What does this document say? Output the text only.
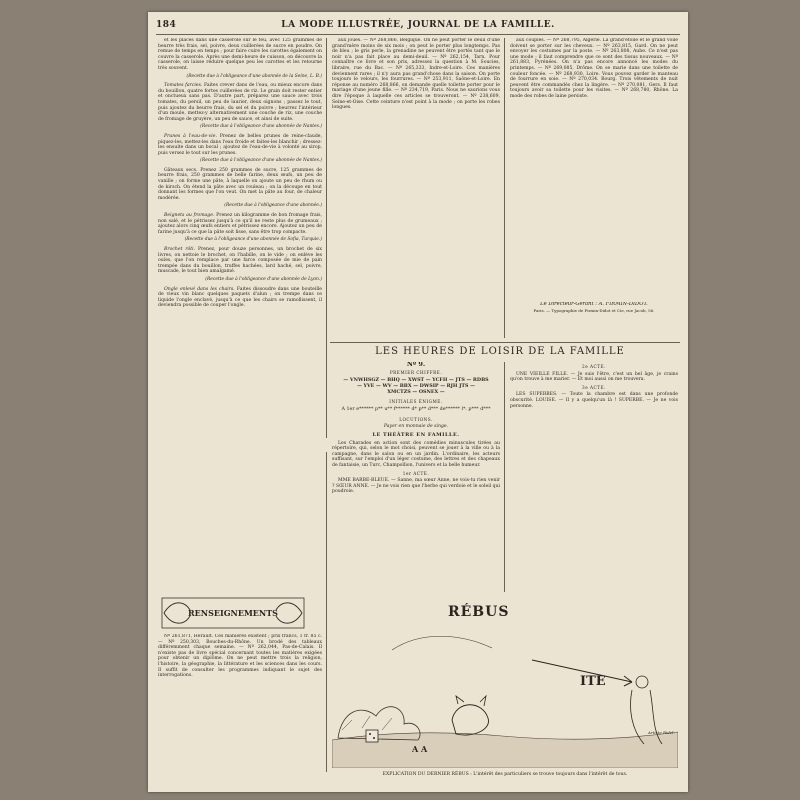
184	LA MODE ILLUSTRÉE, JOURNAL DE LA FAMILLE.

et les places dans une casserole sur le feu, avec 125 grammes de beurre très frais, sel, poivre, deux cuillerées de sucre en poudre. On remue de temps en temps ; pour faire cuire les carottes également on couvre la casserole. Après une demi-heure de cuisson, on découvre la casserole, on laisse réduire quelque peu les carottes et les retourne très souvent.

(Recette due à l'obligeance d'une abonnée de la Seine, L. B.)

Tomates farcies. Faites crever dans de l'eau, ou mieux encore dans du bouillon, quatre fortes cuillerées de riz. Le grain doit rester entier et onctueux sans pas. D'autre part, préparez une sauce avec trois tomates, du persil, un peu de laurier, deux oignons ; passez le tout, puis ajoutez du beurre frais, du sel et du poivre ; beurrez l'intérieur d'un moule, mettez-y alternativement une couche de riz, une couche de fromage de gruyère, un peu de sauce, et ainsi de suite.

(Recette due à l'obligeance d'une abonnée de Nantes.)

Prunes à l'eau-de-vie. Prenez de belles prunes de reine-claude, piquez-les, mettez-les dans l'eau froide et faites-les blanchir ; dressez-les ensuite dans un bocal ; ajoutez de l'eau-de-vie à volonté au sirop, puis versez le tout sur les prunes.

(Recette due à l'obligeance d'une abonnée de Nantes.)

Gâteaux secs. Prenez 250 grammes de sucre, 125 grammes de beurre frais, 250 grammes de belle farine, deux œufs, un peu de vanille ; on forme une pâte, à laquelle on ajoute un peu de rhum ou de kirsch. On étend la pâte avec un rouleau ; on la découpe en tout donnant les formes que l'on veut. On met la pâte au four, de chaleur modérée.

(Recette due à l'obligeance d'une abonnée.)

Beignets au fromage. Prenez un kilogramme de bon fromage frais, non salé, et le pétrissez jusqu'à ce qu'il ne reste plus de grumeaux ; ajoutez alors cinq œufs entiers et pétrissez encore. Ajoutez un peu de farine jusqu'à ce que la pâte soit lisse, sans être trop compacte.

(Recette due à l'obligeance d'une abonnée de Sofia, Turquie.)

Brochet rôti. Prenez, pour douze personnes, un brochet de six livres, on nettoie le brochet, on l'habille, on le vide ; on enlève les ouïes, que l'on remplace par une farce composée de mie de pain trempée dans du bouillon, truffes hachées, lard haché, sel, poivre, muscade, le tout bien amalgamé.

(Recette due à l'obligeance d'une abonnée de Lyon.)

Ongle enlevé dans les chairs. Faites dissoudre dans une bouteille de vieux vin blanc quelques paquets d'alun ; on trempe dans ce liquide l'ongle enclavé, jusqu'à ce que les chairs se ramollissent, il deviendra possible de couper l'ongle.

RENSEIGNEMENTS

Nº 261,871, Hérault. Ces manières existent ; prix francs, 1 fr. 85 c. — Nº 250,303, Bouches-du-Rhône. Un brodé des tableaux différemment chaque semaine. — Nº 262,044, Pas-de-Calais. Il n'existe pas de livre spécial concernant toutes les matières exigées pour obtenir un diplôme. On ne peut mettre trois la religion, l'histoire, la géographie, la littérature et les sciences dans les cours. Il suffit de consulter les programmes indiquant le sujet des interrogations.

aux joues. — Nº 268,866, Belgique. On ne peut porter le deuil d'une grand'mère moins de six mois ; on peut le porter plus longtemps. Pas de bleu ; le gris perle, la grenadine ne peuvent être portés tant que le noir n'a pas fait place au demi-deuil. — Nº 262,154, Tarn. Pour connaître ce livre et son prix, adressez la question à M. Soucies, libraire, rue du Bac. — Nº 265,333, Indre-et-Loire. Ces manières deviennent rares ; il n'y aura pas grand'chose dans la saison. On porte toujours le velours, les fourrures. — Nº 253,911, Saône-et-Loire. En réponse au numéro 268,866, on demande quelle toilette porter pour le mariage d'une jeune fille. — Nº 234,719, Paris. Nous ne saurions vous dire l'époque à laquelle ces articles se trouveront. — Nº 238,609, Seine-et-Oise. Cette ceinture n'est point à la mode ; on porte les robes longues.

aux couples. — Nº 268,795, Algérie. La grand'étoile et le grand voile doivent se porter sur les cheveux. — Nº 263,815, Gard. On ne peut envoyer les costumes par la poste. — Nº 263,808, Aube. Ce n'est pas une mode ; il faut comprendre que ce sont des tissus nouveaux. — Nº 261,883, Pyrénées. On n'a pas encore annoncé les modes du printemps. — Nº 269,085, Drôme. On se marie dans une toilette de couleur foncée. — Nº 268,930, Loire. Vous pouvez garder le manteau de fourrure en soie. — Nº 270,034. Bourg. Trois vêtements de nuit peuvent être commandés chez la lingère. — Nº 270,081, Gers. Il faut toujours avoir sa toilette pour les visites. — Nº 268,780, Rhône. La mode des robes de laine persiste.

Le Directeur-Gérant : A. FIRMIN-DIDOT.
Paris. — Typographie de Firmin-Didot et Cie, rue Jacob, 56.
LES HEURES DE LOISIR DE LA FAMILLE
Nº 9.
PREMIER CHIFFRE.
— VNWHSGZ — BHQ — XWST — YCFH — JTS — RDBS
— YVE — WV — BBX — DWSIP — RJH JTS —
XMCTZS — OSNEX —
INITIALES ÉNIGME.
A 1er e****** p** u** f****** d* p** d*** de****** l*. p*** d***
LOCUTIONS.
Payer en monnaie de singe.
LE THÉÂTRE EN FAMILLE.

Les Charades en action sont des comédies minuscules tirées au répertoire, qui, selon le mot choisi, peuvent se jouer à la ville ou à la campagne, dans le salon ou en un jardin. L'ordinaire, les acteurs suffisant, sur l'emploi d'un léger costume, des lettres et des chapeaux de fantaisie, un Turc, Champollion, l'univers et la belle humeur.

1er ACTE.

MME BARBE-BLEUE. — Sanne, ma sœur Anne, ne vois-tu rien venir ? SŒUR ANNE. — Je ne vois rien que l'herbe qui verdoie et le soleil qui poudroie.

2e ACTE.

UNE VIEILLE FILLE. — Je suis l'être, c'est un bel âge, je crains qu'on trouve à me marier. — Et moi aussi on me trouvera.

3e ACTE.

LES SUPERBES. — Toute la chambre est dans une profonde obscurité. LOUISE. — Il y a quelqu'un là ! SUPERBE. — Je ne vois personne.

RÉBUS
A A
ITE
Artiste Bidel.
EXPLICATION DU DERNIER RÉBUS : L'intérêt des particuliers se trouve toujours dans l'intérêt de tous.
